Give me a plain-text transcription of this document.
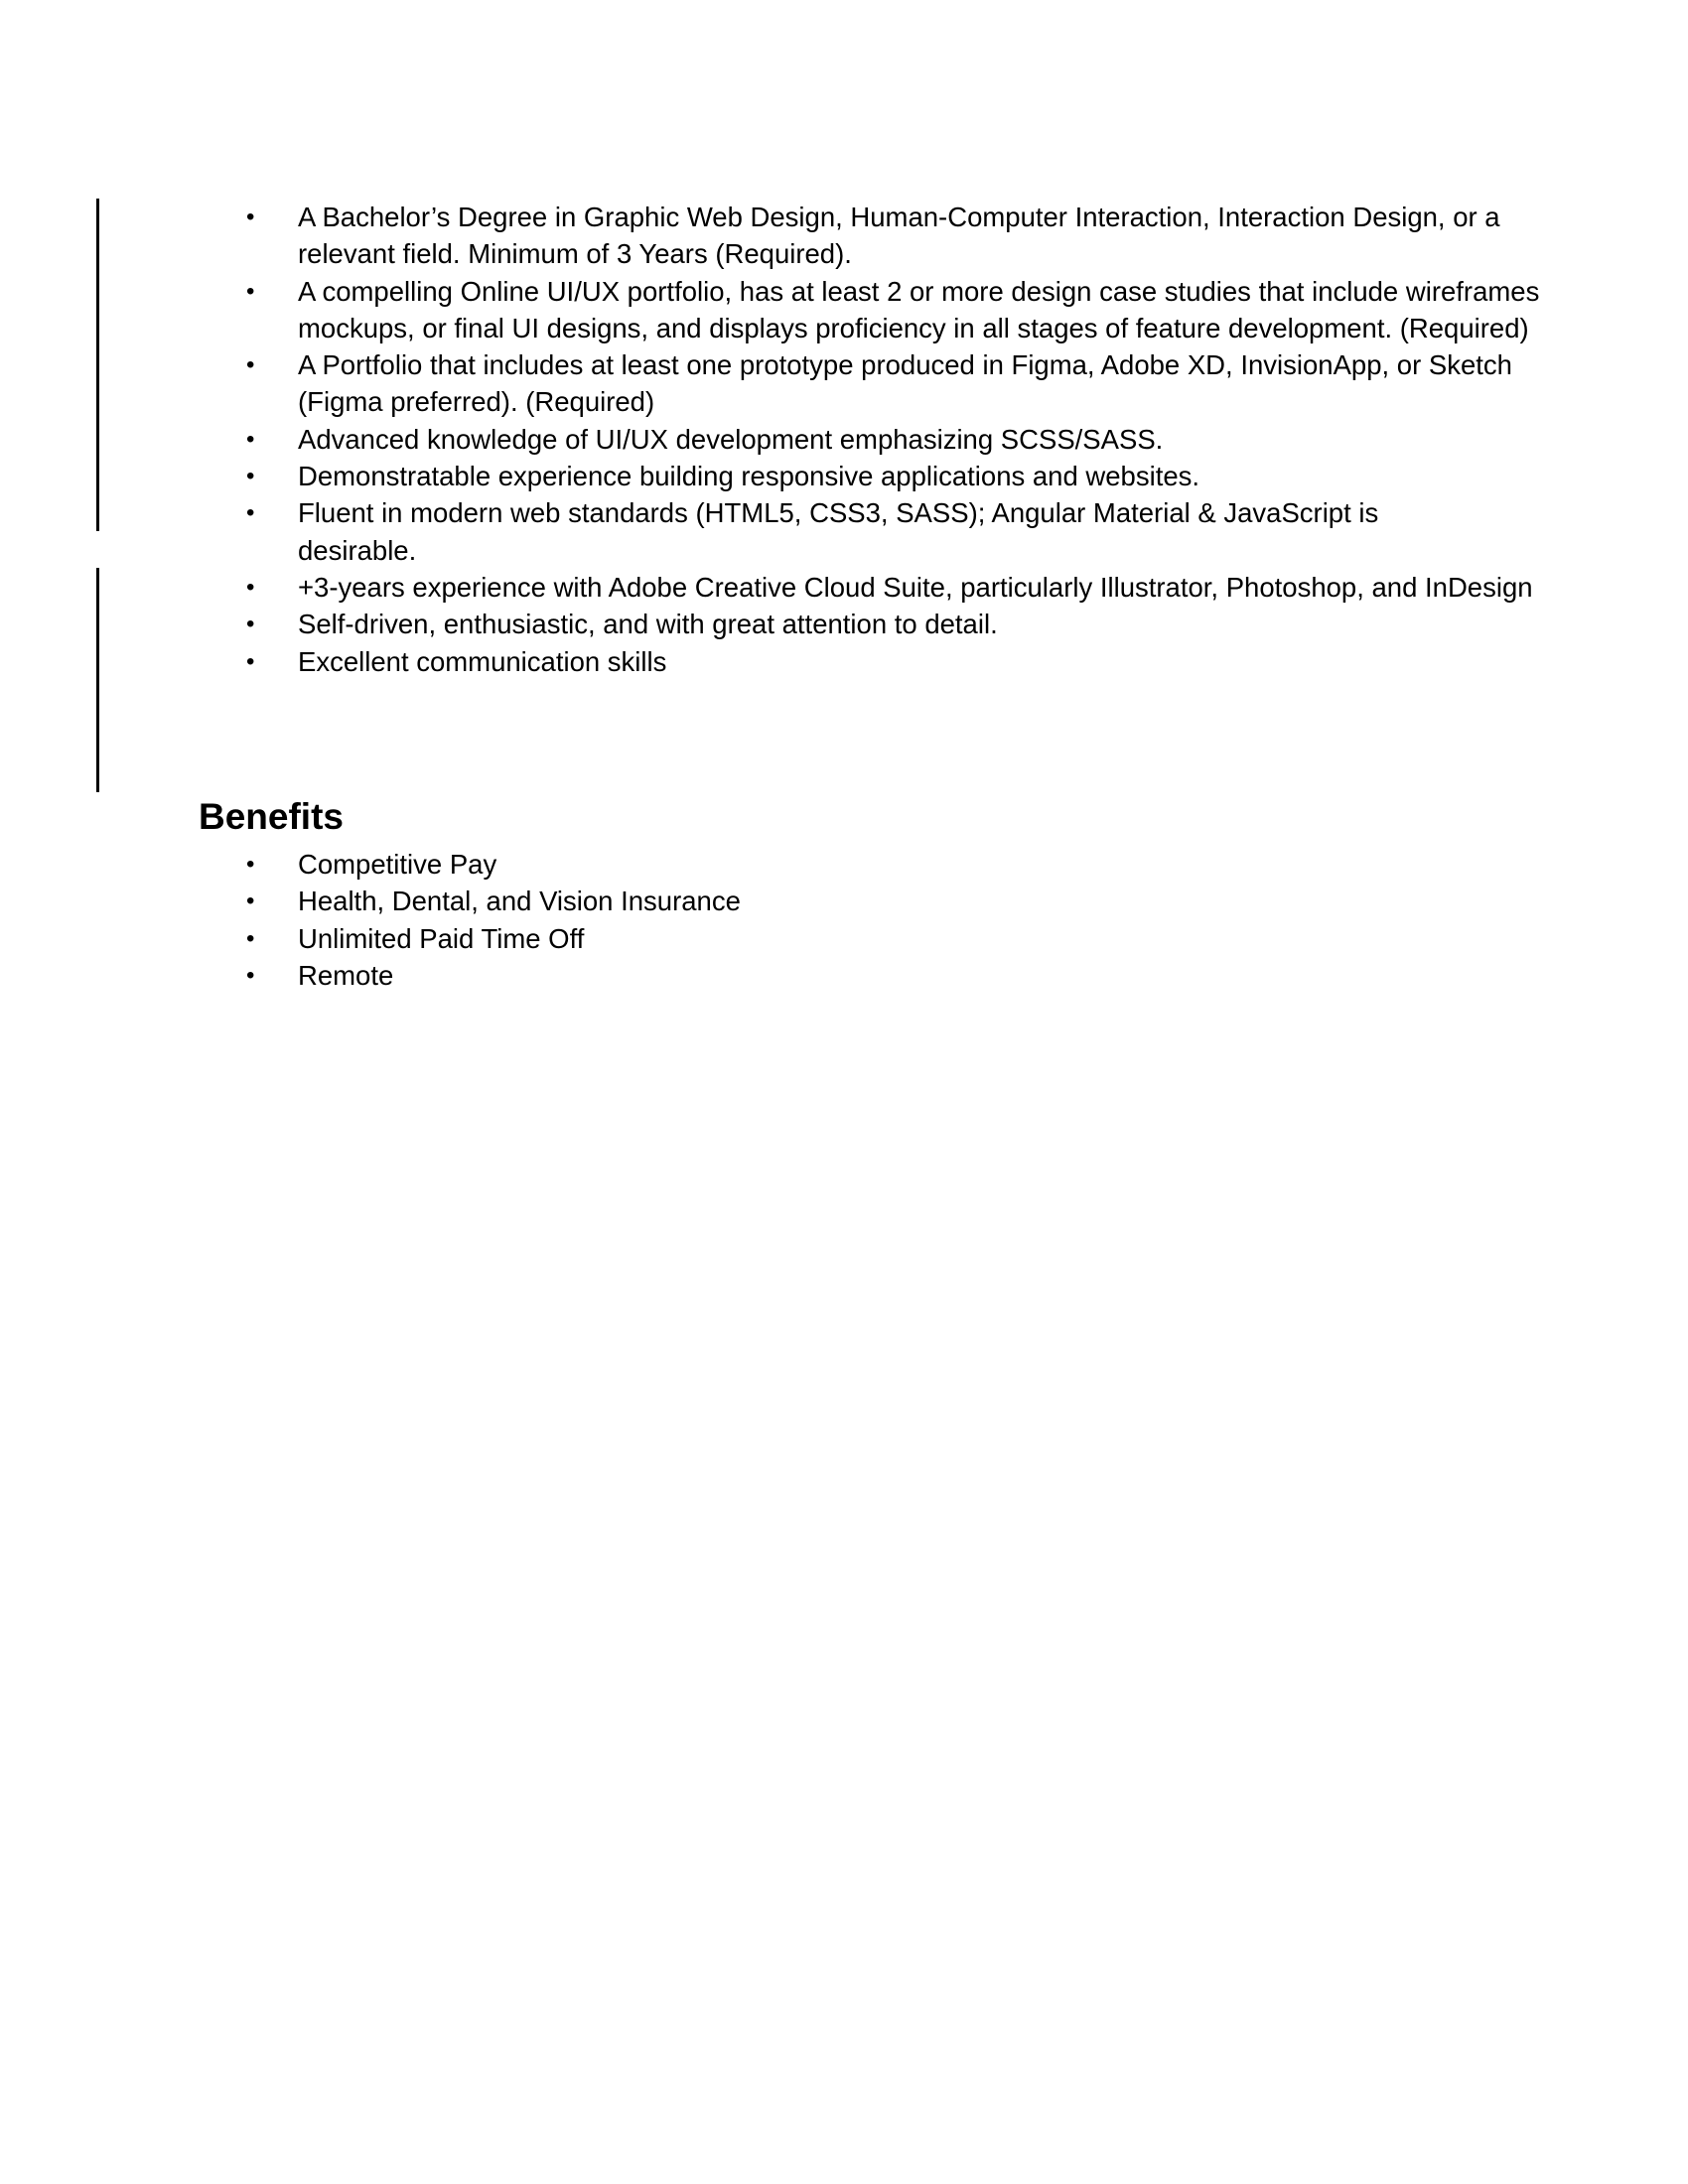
• A Bachelor’s Degree in Graphic Web Design, Human-Computer Interaction, Interaction Design, or a relevant field. Minimum of 3 Years (Required).
• A compelling Online UI/UX portfolio, has at least 2 or more design case studies that include wireframes mockups, or final UI designs, and displays proficiency in all stages of feature development. (Required)
• A Portfolio that includes at least one prototype produced in Figma, Adobe XD, InvisionApp, or Sketch (Figma preferred). (Required)
• Advanced knowledge of UI/UX development emphasizing SCSS/SASS.
• Demonstratable experience building responsive applications and websites.
• Fluent in modern web standards (HTML5, CSS3, SASS); Angular Material & JavaScript is desirable.
• +3-years experience with Adobe Creative Cloud Suite, particularly Illustrator, Photoshop, and InDesign
• Self-driven, enthusiastic, and with great attention to detail.
• Excellent communication skills
Benefits
• Competitive Pay
• Health, Dental, and Vision Insurance
• Unlimited Paid Time Off
• Remote
